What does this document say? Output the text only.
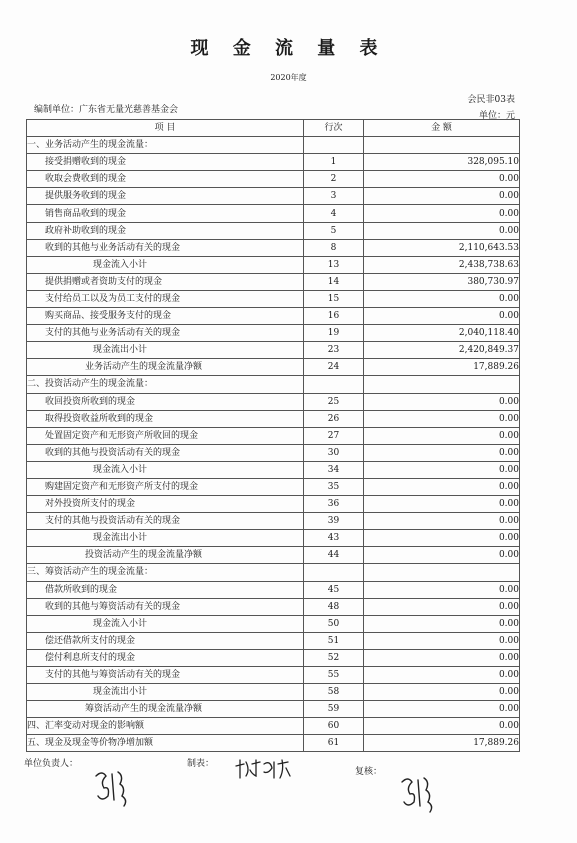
现 金 流 量 表
2020年度
会民非03表
编制单位：广东省无量光慈善基金会
单位：元
项 目	行次	金 额
一、业务活动产生的现金流量：		
接受捐赠收到的现金	1	328,095.10
收取会费收到的现金	2	0.00
提供服务收到的现金	3	0.00
销售商品收到的现金	4	0.00
政府补助收到的现金	5	0.00
收到的其他与业务活动有关的现金	8	2,110,643.53
现金流入小计	13	2,438,738.63
提供捐赠或者资助支付的现金	14	380,730.97
支付给员工以及为员工支付的现金	15	0.00
购买商品、接受服务支付的现金	16	0.00
支付的其他与业务活动有关的现金	19	2,040,118.40
现金流出小计	23	2,420,849.37
业务活动产生的现金流量净额	24	17,889.26
二、投资活动产生的现金流量：		
收回投资所收到的现金	25	0.00
取得投资收益所收到的现金	26	0.00
处置固定资产和无形资产所收回的现金	27	0.00
收到的其他与投资活动有关的现金	30	0.00
现金流入小计	34	0.00
购建固定资产和无形资产所支付的现金	35	0.00
对外投资所支付的现金	36	0.00
支付的其他与投资活动有关的现金	39	0.00
现金流出小计	43	0.00
投资活动产生的现金流量净额	44	0.00
三、筹资活动产生的现金流量：		
借款所收到的现金	45	0.00
收到的其他与筹资活动有关的现金	48	0.00
现金流入小计	50	0.00
偿还借款所支付的现金	51	0.00
偿付利息所支付的现金	52	0.00
支付的其他与筹资活动有关的现金	55	0.00
现金流出小计	58	0.00
筹资活动产生的现金流量净额	59	0.00
四、汇率变动对现金的影响额	60	0.00
五、现金及现金等价物净增加额	61	17,889.26
单位负责人：	制表：
复核：
